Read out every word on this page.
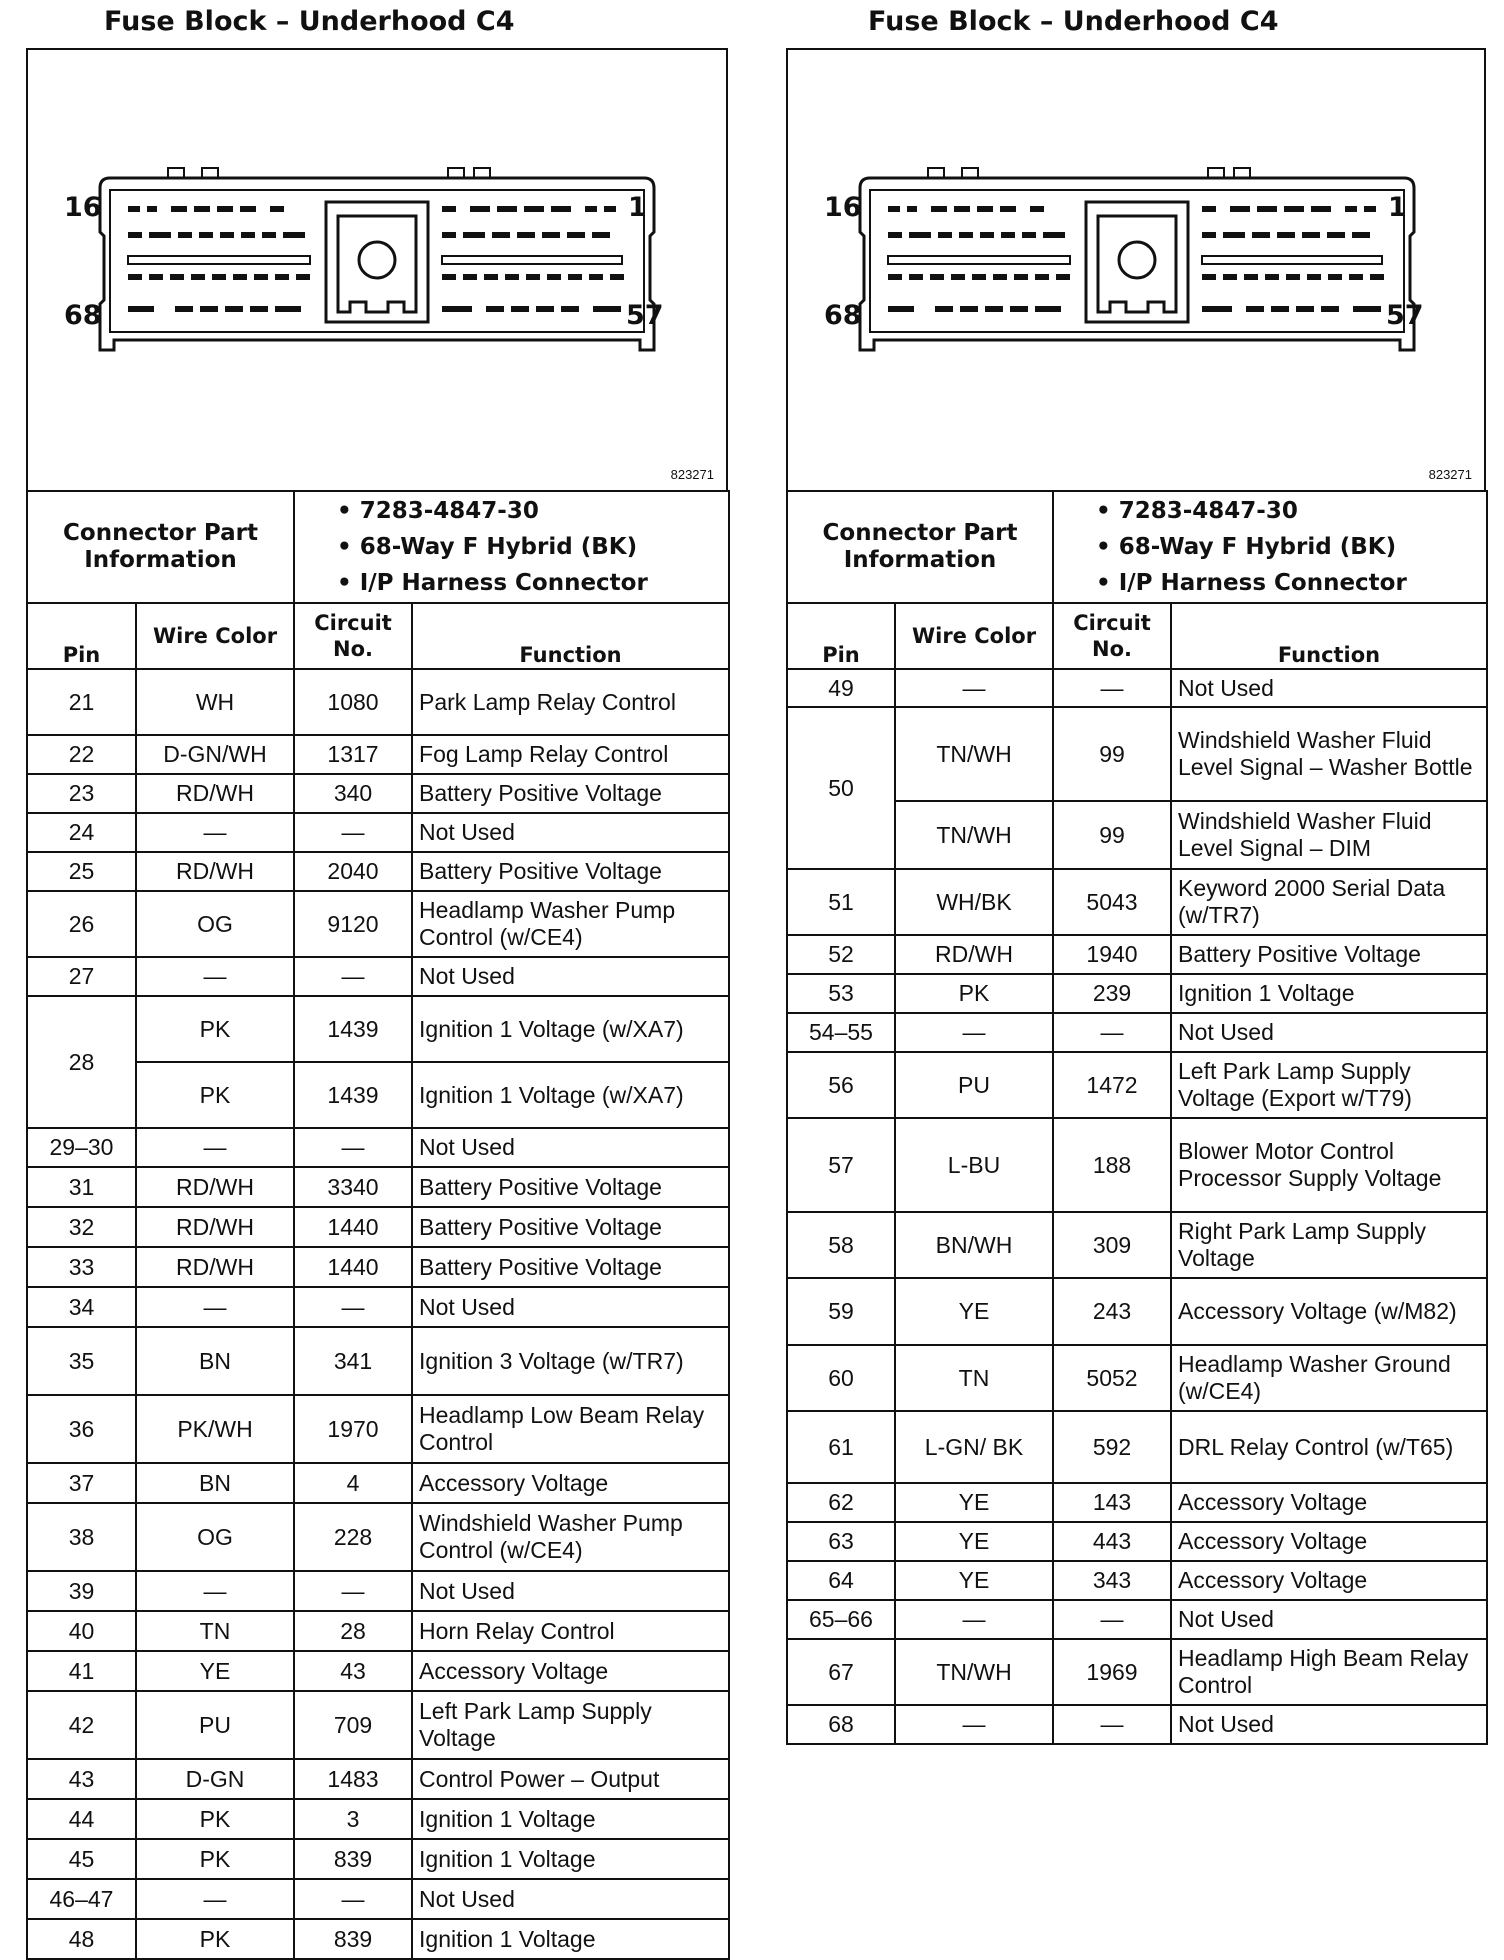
Fuse Block – Underhood C4
16	1
68	57
823271
Connector Part Information		• 7283-4847-30
• 68-Way F Hybrid (BK)
• I/P Harness Connector	

Pin	Wire Color	Circuit No.	Function
21	WH	1080	Park Lamp Relay Control
22	D-GN/WH	1317	Fog Lamp Relay Control
23	RD/WH	340	Battery Positive Voltage
24	—	—	Not Used
25	RD/WH	2040	Battery Positive Voltage
26	OG	9120	Headlamp Washer Pump Control (w/CE4)
27	—	—	Not Used
28	PK	1439	Ignition 1 Voltage (w/XA7)
	PK	1439	Ignition 1 Voltage (w/XA7)
29–30	—	—	Not Used
31	RD/WH	3340	Battery Positive Voltage
32	RD/WH	1440	Battery Positive Voltage
33	RD/WH	1440	Battery Positive Voltage
34	—	—	Not Used
35	BN	341	Ignition 3 Voltage (w/TR7)
36	PK/WH	1970	Headlamp Low Beam Relay Control
37	BN	4	Accessory Voltage
38	OG	228	Windshield Washer Pump Control (w/CE4)
39	—	—	Not Used
40	TN	28	Horn Relay Control
41	YE	43	Accessory Voltage
42	PU	709	Left Park Lamp Supply Voltage
43	D-GN	1483	Control Power – Output
44	PK	3	Ignition 1 Voltage
45	PK	839	Ignition 1 Voltage
46–47	—	—	Not Used
48	PK	839	Ignition 1 Voltage
Fuse Block – Underhood C4
16	1
68	57
823271
Connector Part Information		• 7283-4847-30
• 68-Way F Hybrid (BK)
• I/P Harness Connector	

Pin	Wire Color	Circuit No.	Function
49	—	—	Not Used
50	TN/WH	99	Windshield Washer Fluid Level Signal – Washer Bottle
	TN/WH	99	Windshield Washer Fluid Level Signal – DIM
51	WH/BK	5043	Keyword 2000 Serial Data (w/TR7)
52	RD/WH	1940	Battery Positive Voltage
53	PK	239	Ignition 1 Voltage
54–55	—	—	Not Used
56	PU	1472	Left Park Lamp Supply Voltage (Export w/T79)
57	L-BU	188	Blower Motor Control Processor Supply Voltage
58	BN/WH	309	Right Park Lamp Supply Voltage
59	YE	243	Accessory Voltage (w/M82)
60	TN	5052	Headlamp Washer Ground (w/CE4)
61	L-GN/ BK	592	DRL Relay Control (w/T65)
62	YE	143	Accessory Voltage
63	YE	443	Accessory Voltage
64	YE	343	Accessory Voltage
65–66	—	—	Not Used
67	TN/WH	1969	Headlamp High Beam Relay Control
68	—	—	Not Used
